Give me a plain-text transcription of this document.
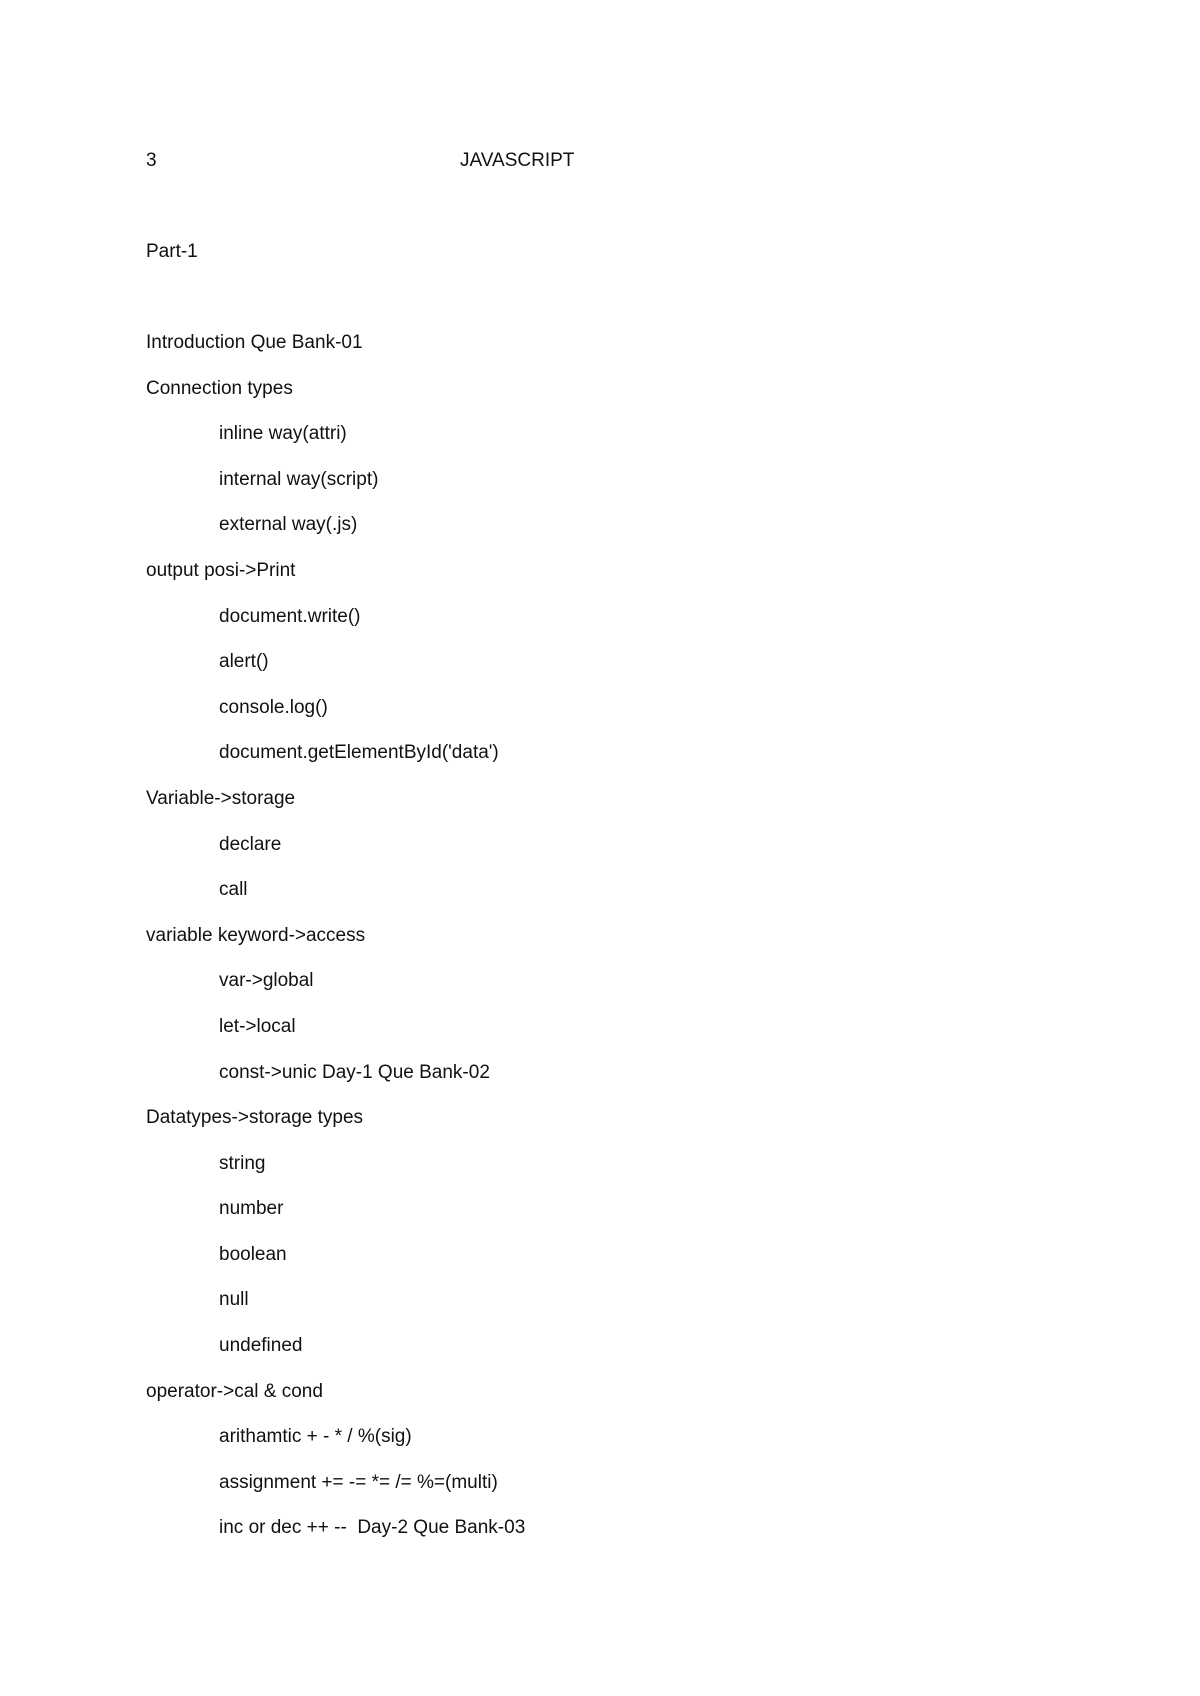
3	JAVASCRIPT
Part-1
Introduction Que Bank-01
Connection types
inline way(attri)
internal way(script)
external way(.js)
output posi->Print
document.write()
alert()
console.log()
document.getElementById('data')
Variable->storage
declare
call
variable keyword->access
var->global
let->local
const->unic Day-1 Que Bank-02
Datatypes->storage types
string
number
boolean
null
undefined
operator->cal & cond
arithamtic + - * / %(sig)
assignment += -= *= /= %=(multi)
inc or dec ++ --  Day-2 Que Bank-03
